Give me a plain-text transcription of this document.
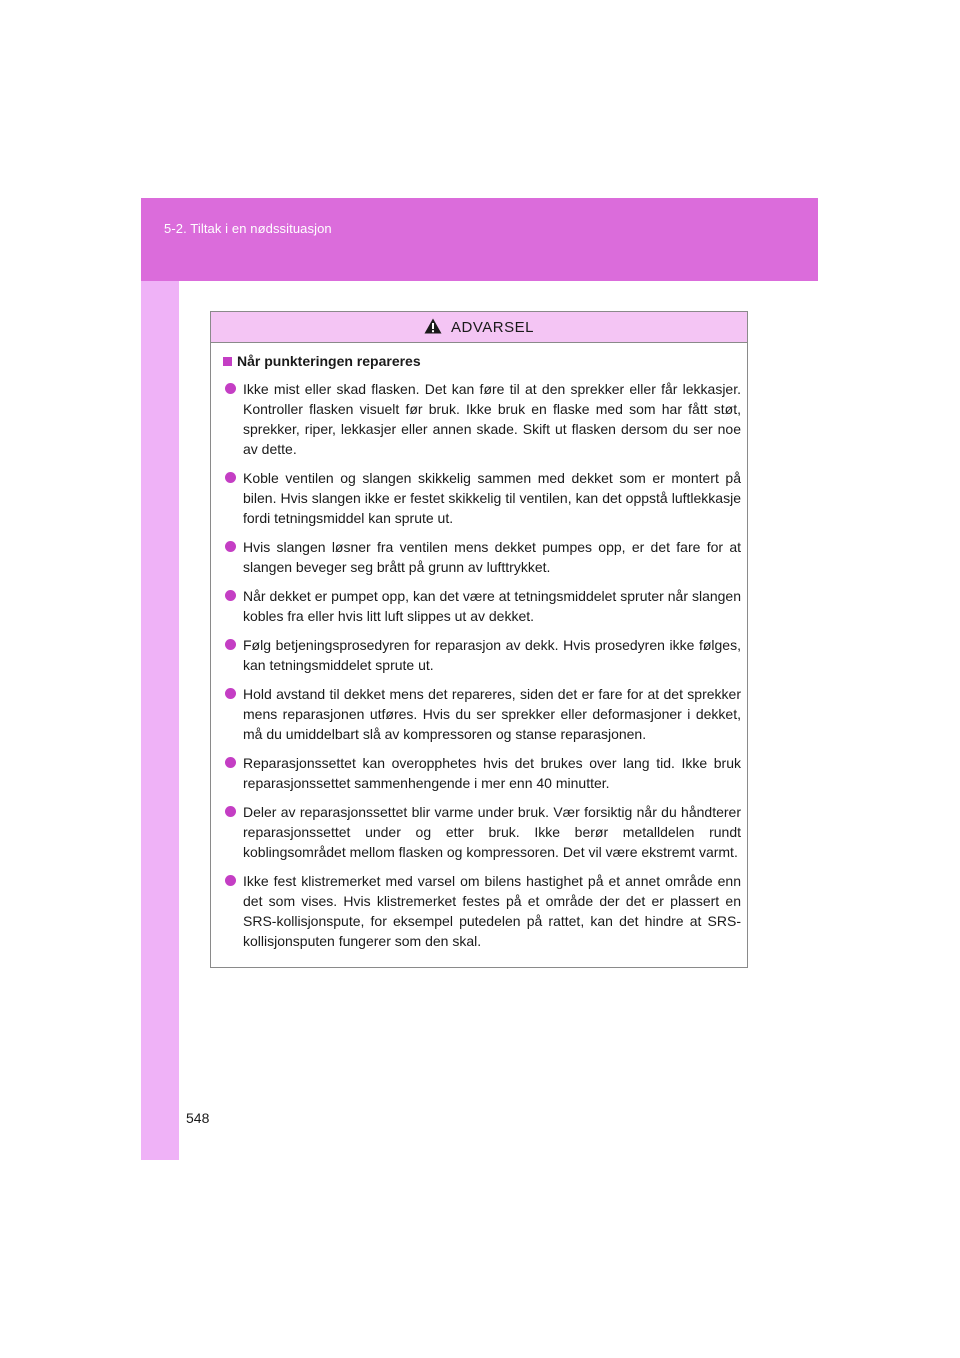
5-2. Tiltak i en nødssituasjon
ADVARSEL
Når punkteringen repareres
Ikke mist eller skad flasken. Det kan føre til at den sprekker eller får lekkasjer. Kontroller flasken visuelt før bruk. Ikke bruk en flaske med som har fått støt, sprekker, riper, lekkasjer eller annen skade. Skift ut flasken dersom du ser noe av dette.
Koble ventilen og slangen skikkelig sammen med dekket som er montert på bilen. Hvis slangen ikke er festet skikkelig til ventilen, kan det oppstå luftlekkasje fordi tetningsmiddel kan sprute ut.
Hvis slangen løsner fra ventilen mens dekket pumpes opp, er det fare for at slangen beveger seg brått på grunn av lufttrykket.
Når dekket er pumpet opp, kan det være at tetningsmiddelet spruter når slangen kobles fra eller hvis litt luft slippes ut av dekket.
Følg betjeningsprosedyren for reparasjon av dekk. Hvis prosedyren ikke følges, kan tetningsmiddelet sprute ut.
Hold avstand til dekket mens det repareres, siden det er fare for at det sprekker mens reparasjonen utføres. Hvis du ser sprekker eller deformasjoner i dekket, må du umiddelbart slå av kompressoren og stanse reparasjonen.
Reparasjonssettet kan overopphetes hvis det brukes over lang tid. Ikke bruk reparasjonssettet sammenhengende i mer enn 40 minutter.
Deler av reparasjonssettet blir varme under bruk. Vær forsiktig når du håndterer reparasjonssettet under og etter bruk. Ikke berør metalldelen rundt koblingsområdet mellom flasken og kompressoren. Det vil være ekstremt varmt.
Ikke fest klistremerket med varsel om bilens hastighet på et annet område enn det som vises. Hvis klistremerket festes på et område der det er plassert en SRS-kollisjonspute, for eksempel putedelen på rattet, kan det hindre at SRS-kollisjonsputen fungerer som den skal.
548
